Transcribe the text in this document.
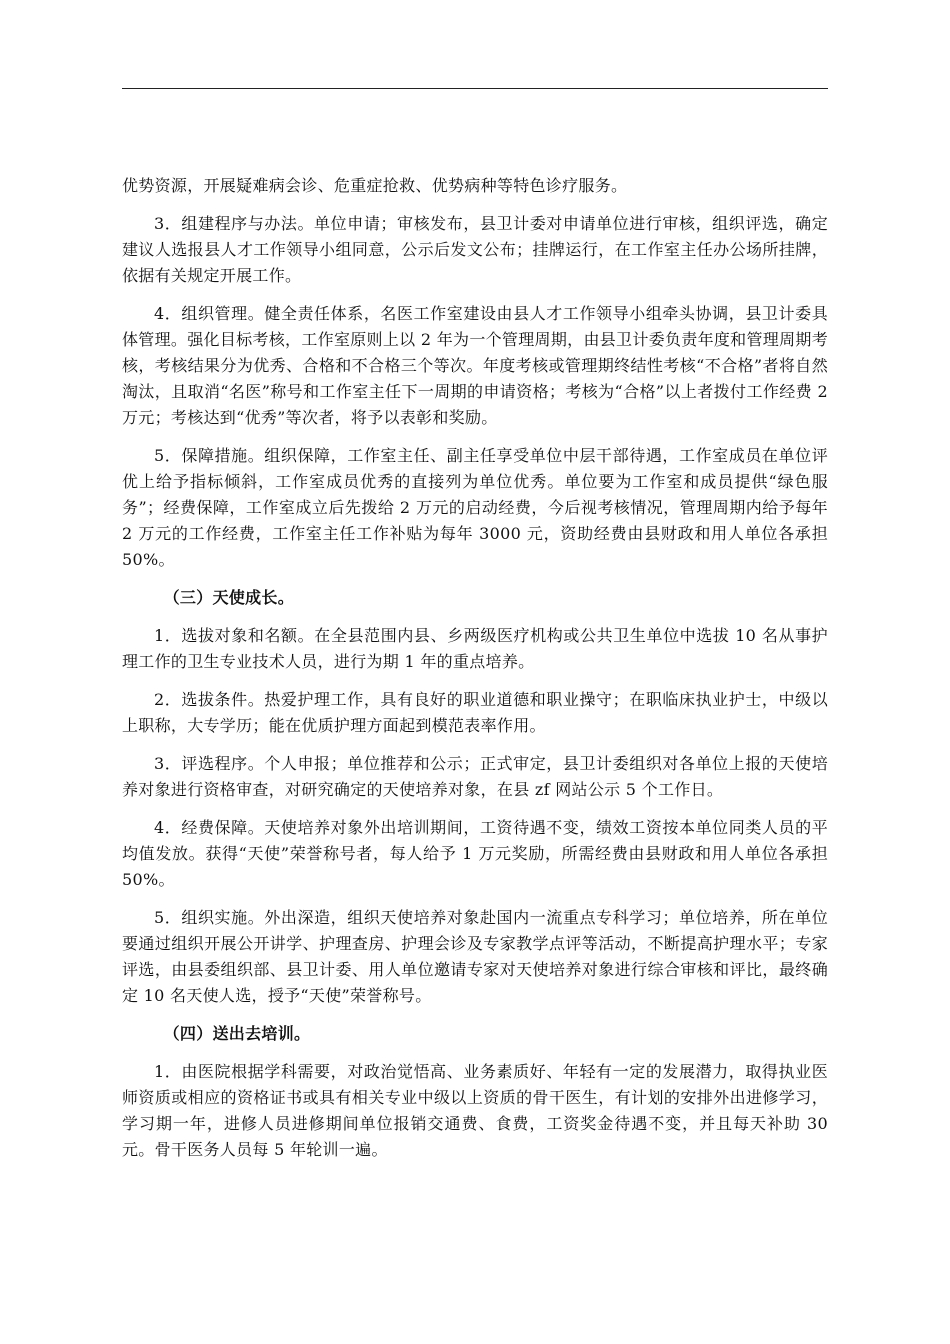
优势资源，开展疑难病会诊、危重症抢救、优势病种等特色诊疗服务。

3．组建程序与办法。单位申请；审核发布，县卫计委对申请单位进行审核，组织评选，确定建议人选报县人才工作领导小组同意，公示后发文公布；挂牌运行，在工作室主任办公场所挂牌，依据有关规定开展工作。

4．组织管理。健全责任体系，名医工作室建设由县人才工作领导小组牵头协调，县卫计委具体管理。强化目标考核，工作室原则上以 2 年为一个管理周期，由县卫计委负责年度和管理周期考核，考核结果分为优秀、合格和不合格三个等次。年度考核或管理期终结性考核“不合格”者将自然淘汰，且取消“名医”称号和工作室主任下一周期的申请资格；考核为“合格”以上者拨付工作经费 2 万元；考核达到“优秀”等次者，将予以表彰和奖励。

5．保障措施。组织保障，工作室主任、副主任享受单位中层干部待遇，工作室成员在单位评优上给予指标倾斜，工作室成员优秀的直接列为单位优秀。单位要为工作室和成员提供“绿色服务”；经费保障，工作室成立后先拨给 2 万元的启动经费，今后视考核情况，管理周期内给予每年 2 万元的工作经费，工作室主任工作补贴为每年 3000 元，资助经费由县财政和用人单位各承担 50%。

（三）天使成长。

1．选拔对象和名额。在全县范围内县、乡两级医疗机构或公共卫生单位中选拔 10 名从事护理工作的卫生专业技术人员，进行为期 1 年的重点培养。

2．选拔条件。热爱护理工作，具有良好的职业道德和职业操守；在职临床执业护士，中级以上职称，大专学历；能在优质护理方面起到模范表率作用。

3．评选程序。个人申报；单位推荐和公示；正式审定，县卫计委组织对各单位上报的天使培养对象进行资格审查，对研究确定的天使培养对象，在县 zf 网站公示 5 个工作日。

4．经费保障。天使培养对象外出培训期间，工资待遇不变，绩效工资按本单位同类人员的平均值发放。获得“天使”荣誉称号者，每人给予 1 万元奖励，所需经费由县财政和用人单位各承担 50%。

5．组织实施。外出深造，组织天使培养对象赴国内一流重点专科学习；单位培养，所在单位要通过组织开展公开讲学、护理查房、护理会诊及专家教学点评等活动，不断提高护理水平；专家评选，由县委组织部、县卫计委、用人单位邀请专家对天使培养对象进行综合审核和评比，最终确定 10 名天使人选，授予“天使”荣誉称号。

（四）送出去培训。

1．由医院根据学科需要，对政治觉悟高、业务素质好、年轻有一定的发展潜力，取得执业医师资质或相应的资格证书或具有相关专业中级以上资质的骨干医生，有计划的安排外出进修学习，学习期一年，进修人员进修期间单位报销交通费、食费，工资奖金待遇不变，并且每天补助 30 元。骨干医务人员每 5 年轮训一遍。
